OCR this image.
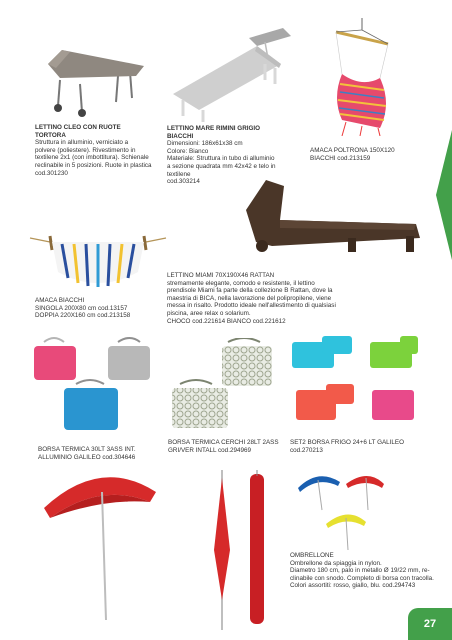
LETTINO CLEO CON RUOTE
TORTORA
Struttura in alluminio, verniciato a
polvere (poliestere). Rivestimento in
textilene 2x1 (con imbottitura). Schienale
reclinabile in 5 posizioni. Ruote in plastica
cod.301230
LETTINO MARE RIMINI GRIGIO
BIACCHI
Dimensioni: 186x61x38 cm
Colore: Bianco
Materiale: Struttura in tubo di alluminio
a sezione quadrata mm 42x42 e telo in
textilene
cod.303214
AMACA POLTRONA 150X120
BIACCHI cod.213159
AMACA BIACCHI
SINGOLA 200X80 cm cod.13157
DOPPIA 220X160 cm cod.213158
LETTINO MIAMI 70X190X46 RATTAN
stremamente elegante, comodo e resistente, il lettino
prendisole Miami fa parte della collezione B Rattan, dove la
maestria di BICA, nella lavorazione del polipropilene, viene
messa in risalto. Prodotto ideale nell'allestimento di qualsiasi
piscina, aree relax o solarium.
CHOCO cod.221614 BIANCO cod.221612
BORSA TERMICA 30LT 3ASS INT.
ALLUMINIO GALILEO cod.304646
BORSA TERMICA CERCHI 28LT 2ASS
GRI/VER INTALL cod.294969
SET2 BORSA FRIGO 24+6 LT GALILEO
cod.270213
OMBRELLONE
Ombrellone da spiaggia in nylon.
Diametro 180 cm, palo in metallo Ø 19/22 mm, re-
clinabile con snodo. Completo di borsa con tracolla.
Colori assortiti: rosso, giallo, blu. cod.294743
27
